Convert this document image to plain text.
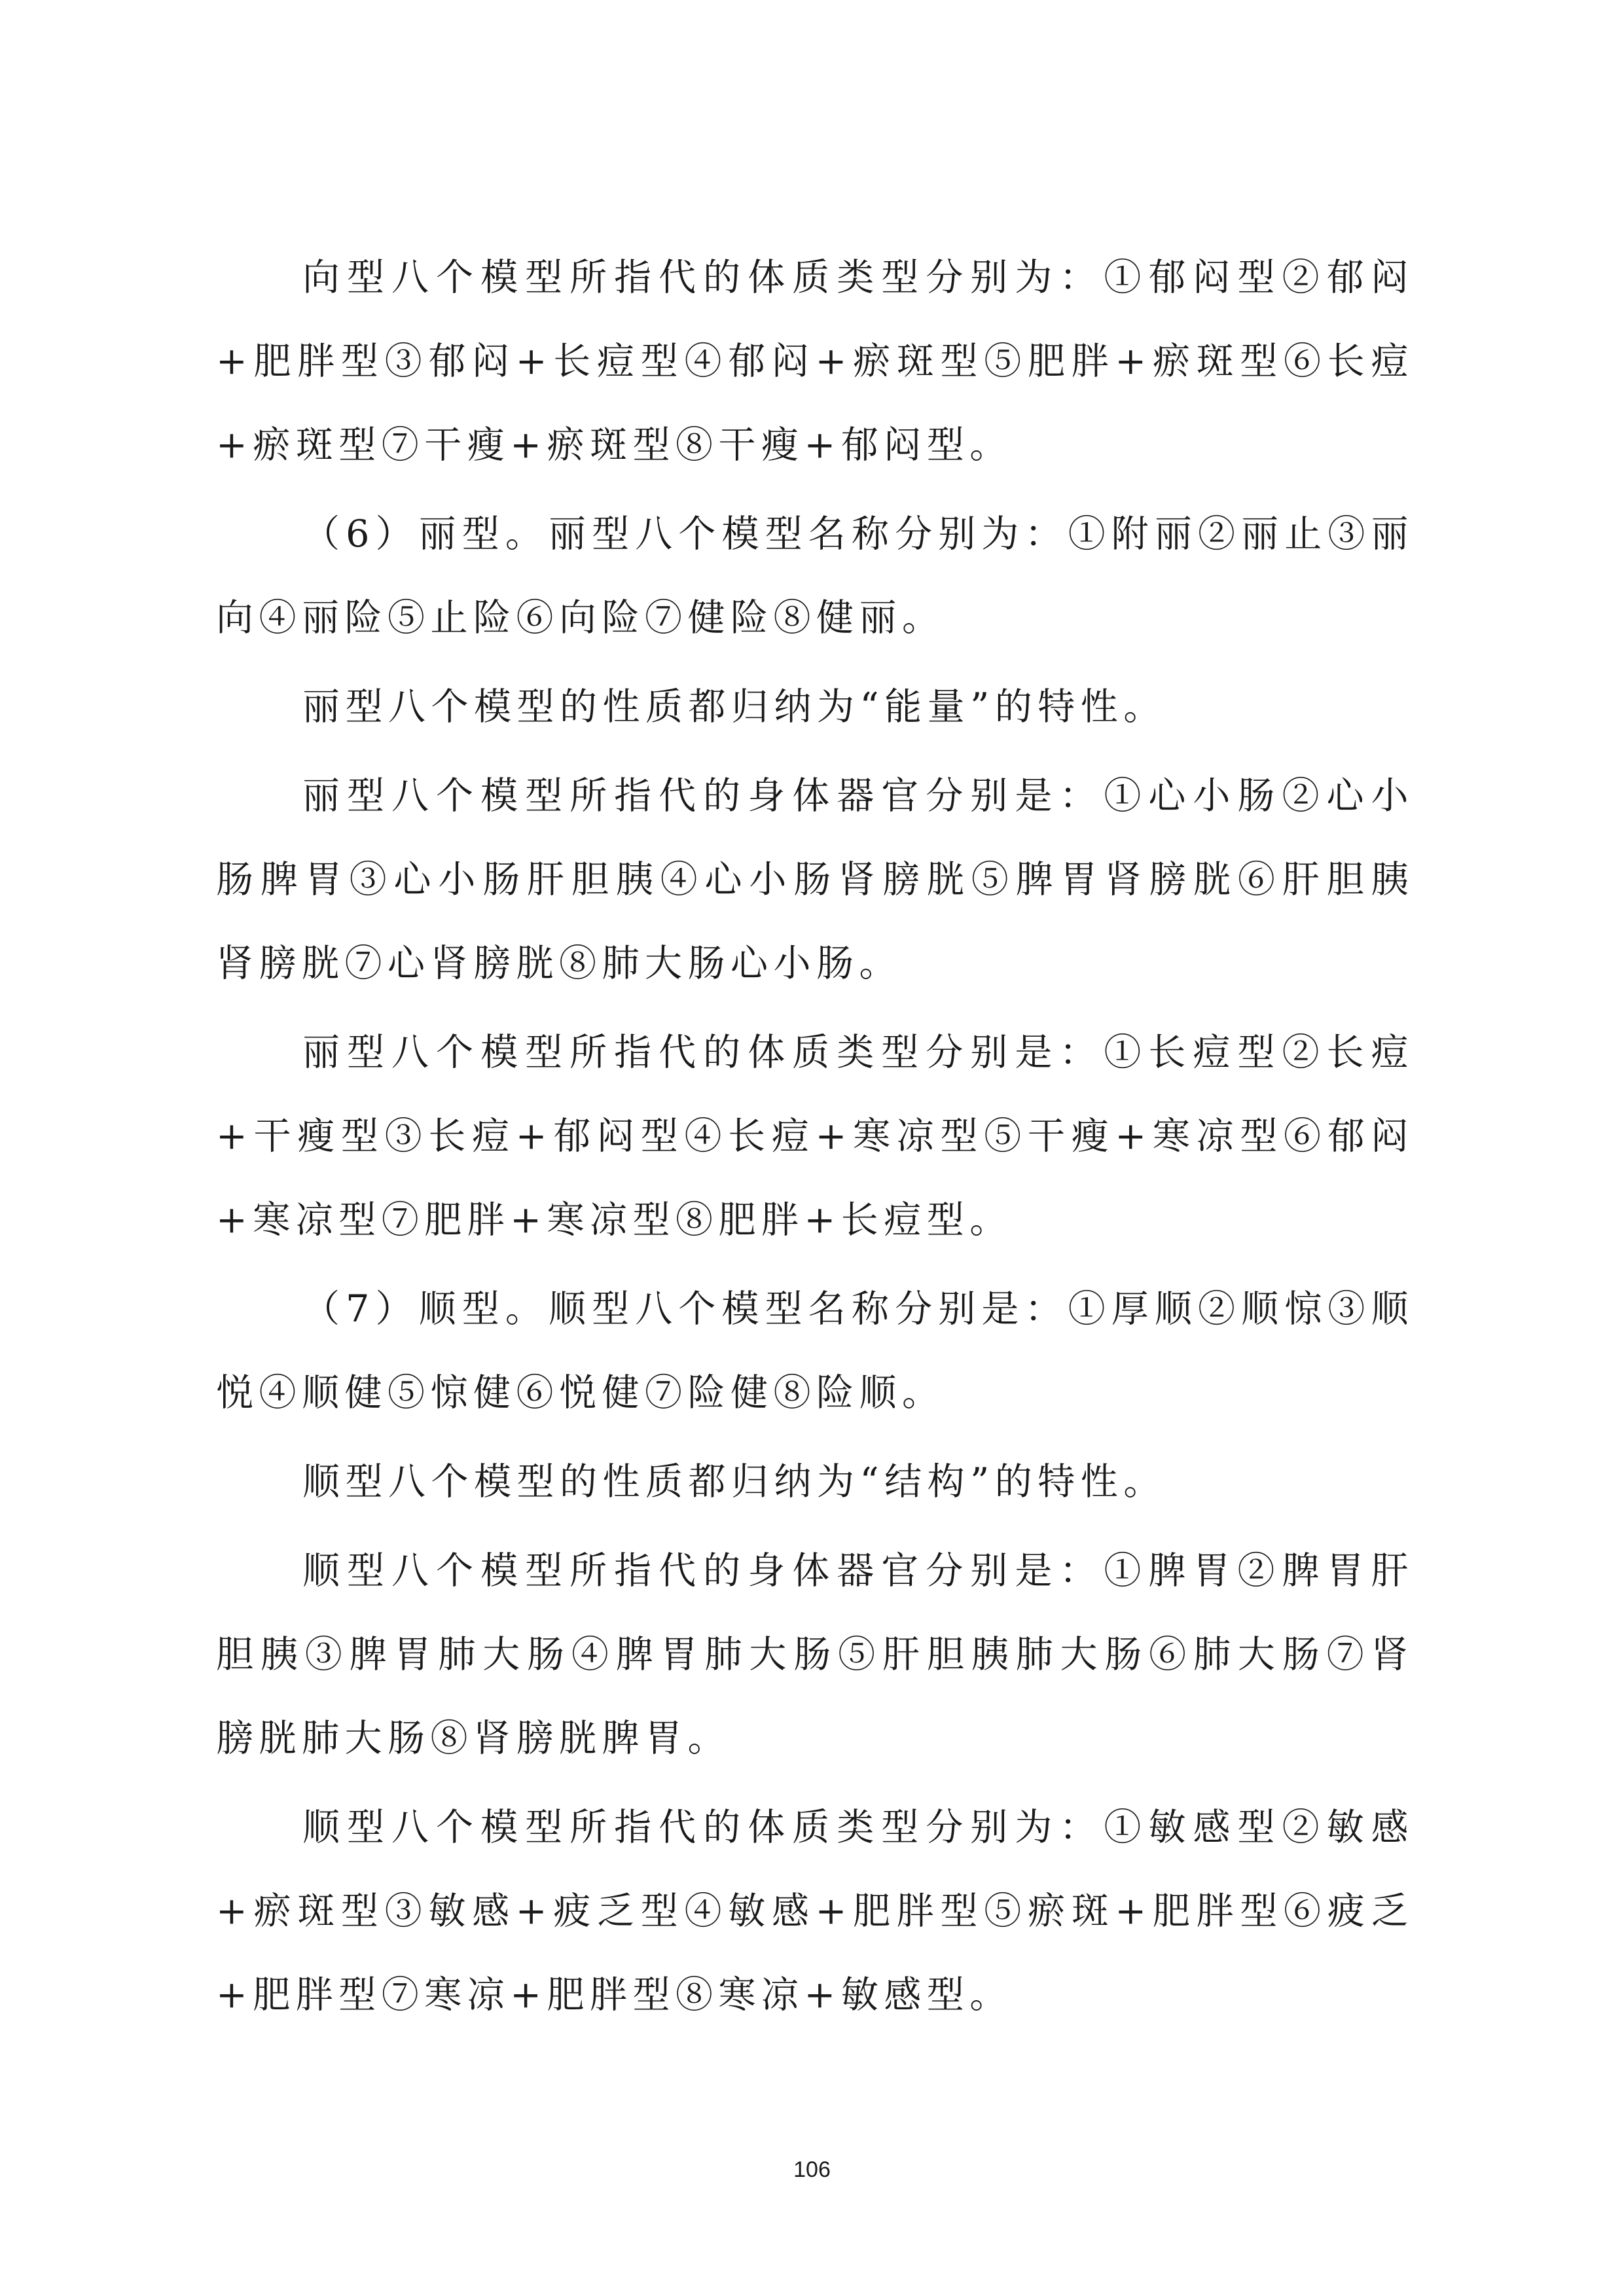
向型八个模型所指代的体质类型分别为：①郁闷型②郁闷+肥胖型③郁闷+长痘型④郁闷+瘀斑型⑤肥胖+瘀斑型⑥长痘+瘀斑型⑦干瘦+瘀斑型⑧干瘦+郁闷型。

（6）丽型。丽型八个模型名称分别为：①附丽②丽止③丽向④丽险⑤止险⑥向险⑦健险⑧健丽。

丽型八个模型的性质都归纳为“能量”的特性。

丽型八个模型所指代的身体器官分别是：①心小肠②心小肠脾胃③心小肠肝胆胰④心小肠肾膀胱⑤脾胃肾膀胱⑥肝胆胰肾膀胱⑦心肾膀胱⑧肺大肠心小肠。

丽型八个模型所指代的体质类型分别是：①长痘型②长痘+干瘦型③长痘+郁闷型④长痘+寒凉型⑤干瘦+寒凉型⑥郁闷+寒凉型⑦肥胖+寒凉型⑧肥胖+长痘型。

（7）顺型。顺型八个模型名称分别是：①厚顺②顺惊③顺悦④顺健⑤惊健⑥悦健⑦险健⑧险顺。

顺型八个模型的性质都归纳为“结构”的特性。

顺型八个模型所指代的身体器官分别是：①脾胃②脾胃肝胆胰③脾胃肺大肠④脾胃肺大肠⑤肝胆胰肺大肠⑥肺大肠⑦肾膀胱肺大肠⑧肾膀胱脾胃。

顺型八个模型所指代的体质类型分别为：①敏感型②敏感+瘀斑型③敏感+疲乏型④敏感+肥胖型⑤瘀斑+肥胖型⑥疲乏+肥胖型⑦寒凉+肥胖型⑧寒凉+敏感型。

106
